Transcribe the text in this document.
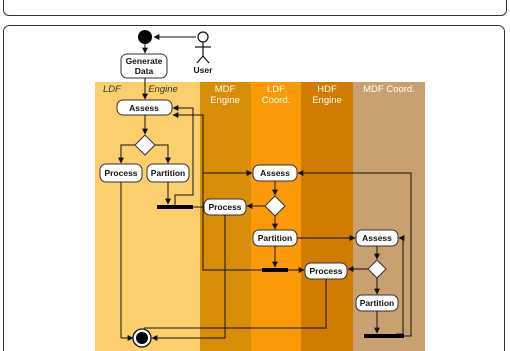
LDF	Engine	MDF
Engine
LDF
Coord.
HDF
Engine
MDF Coord.
User
Generate
Data
Assess
Process Partition	Assess
Process
Partition
Process
Assess
Partition
